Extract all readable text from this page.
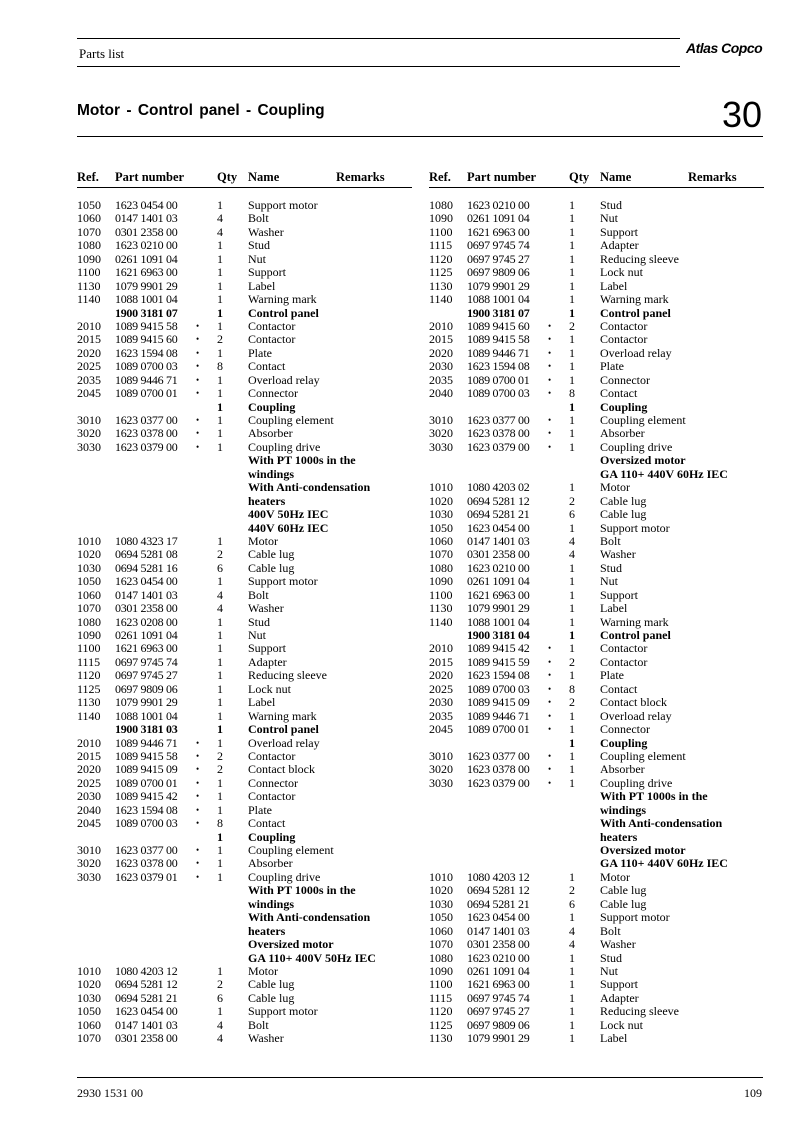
Parts list	Atlas Copco
Motor - Control panel - Coupling	30
Ref. Part number	Qty Name	Remarks
1050 1623 0454 00	1 Support motor
1060 0147 1401 03	4 Bolt
1070 0301 2358 00	4 Washer
1080 1623 0210 00	1 Stud
1090 0261 1091 04	1 Nut
1100 1621 6963 00	1 Support
1130 1079 9901 29	1 Label
1140 1088 1001 04	1 Warning mark
1900 3181 07	1 Control panel
2010 1089 9415 58 • 1 Contactor
2015 1089 9415 60 • 2 Contactor
2020 1623 1594 08 • 1 Plate
2025 1089 0700 03 • 8 Contact
2035 1089 9446 71 • 1 Overload relay
2045 1089 0700 01 • 1 Connector
1 Coupling
3010 1623 0377 00 • 1 Coupling element
3020 1623 0378 00 • 1 Absorber
3030 1623 0379 00 • 1 Coupling drive
With PT 1000s in the
windings
With Anti-condensation
heaters
400V 50Hz IEC
440V 60Hz IEC
1010 1080 4323 17	1 Motor
1020 0694 5281 08	2 Cable lug
1030 0694 5281 16	6 Cable lug
1050 1623 0454 00	1 Support motor
1060 0147 1401 03	4 Bolt
1070 0301 2358 00	4 Washer
1080 1623 0208 00	1 Stud
1090 0261 1091 04	1 Nut
1100 1621 6963 00	1 Support
1115 0697 9745 74	1 Adapter
1120 0697 9745 27	1 Reducing sleeve
1125 0697 9809 06	1 Lock nut
1130 1079 9901 29	1 Label
1140 1088 1001 04	1 Warning mark
1900 3181 03	1 Control panel
2010 1089 9446 71 • 1 Overload relay
2015 1089 9415 58 • 2 Contactor
2020 1089 9415 09 • 2 Contact block
2025 1089 0700 01 • 1 Connector
2030 1089 9415 42 • 1 Contactor
2040 1623 1594 08 • 1 Plate
2045 1089 0700 03 • 8 Contact
1 Coupling
3010 1623 0377 00 • 1 Coupling element
3020 1623 0378 00 • 1 Absorber
3030 1623 0379 01 • 1 Coupling drive
With PT 1000s in the
windings
With Anti-condensation
heaters
Oversized motor
GA 110+ 400V 50Hz IEC
1010 1080 4203 12	1 Motor
1020 0694 5281 12	2 Cable lug
1030 0694 5281 21	6 Cable lug
1050 1623 0454 00	1 Support motor
1060 0147 1401 03	4 Bolt
1070 0301 2358 00	4 Washer
Ref. Part number	Qty Name	Remarks
1080 1623 0210 00	1 Stud
1090 0261 1091 04	1 Nut
1100 1621 6963 00	1 Support
1115 0697 9745 74	1 Adapter
1120 0697 9745 27	1 Reducing sleeve
1125 0697 9809 06	1 Lock nut
1130 1079 9901 29	1 Label
1140 1088 1001 04	1 Warning mark
1900 3181 07	1 Control panel
2010 1089 9415 60 • 2 Contactor
2015 1089 9415 58 • 1 Contactor
2020 1089 9446 71 • 1 Overload relay
2030 1623 1594 08 • 1 Plate
2035 1089 0700 01 • 1 Connector
2040 1089 0700 03 • 8 Contact
1 Coupling
3010 1623 0377 00 • 1 Coupling element
3020 1623 0378 00 • 1 Absorber
3030 1623 0379 00 • 1 Coupling drive
Oversized motor
GA 110+ 440V 60Hz IEC
1010 1080 4203 02	1 Motor
1020 0694 5281 12	2 Cable lug
1030 0694 5281 21	6 Cable lug
1050 1623 0454 00	1 Support motor
1060 0147 1401 03	4 Bolt
1070 0301 2358 00	4 Washer
1080 1623 0210 00	1 Stud
1090 0261 1091 04	1 Nut
1100 1621 6963 00	1 Support
1130 1079 9901 29	1 Label
1140 1088 1001 04	1 Warning mark
1900 3181 04	1 Control panel
2010 1089 9415 42 • 1 Contactor
2015 1089 9415 59 • 2 Contactor
2020 1623 1594 08 • 1 Plate
2025 1089 0700 03 • 8 Contact
2030 1089 9415 09 • 2 Contact block
2035 1089 9446 71 • 1 Overload relay
2045 1089 0700 01 • 1 Connector
1 Coupling
3010 1623 0377 00 • 1 Coupling element
3020 1623 0378 00 • 1 Absorber
3030 1623 0379 00 • 1 Coupling drive
With PT 1000s in the
windings
With Anti-condensation
heaters
Oversized motor
GA 110+ 440V 60Hz IEC
1010 1080 4203 12	1 Motor
1020 0694 5281 12	2 Cable lug
1030 0694 5281 21	6 Cable lug
1050 1623 0454 00	1 Support motor
1060 0147 1401 03	4 Bolt
1070 0301 2358 00	4 Washer
1080 1623 0210 00	1 Stud
1090 0261 1091 04	1 Nut
1100 1621 6963 00	1 Support
1115 0697 9745 74	1 Adapter
1120 0697 9745 27	1 Reducing sleeve
1125 0697 9809 06	1 Lock nut
1130 1079 9901 29	1 Label
2930 1531 00	109
